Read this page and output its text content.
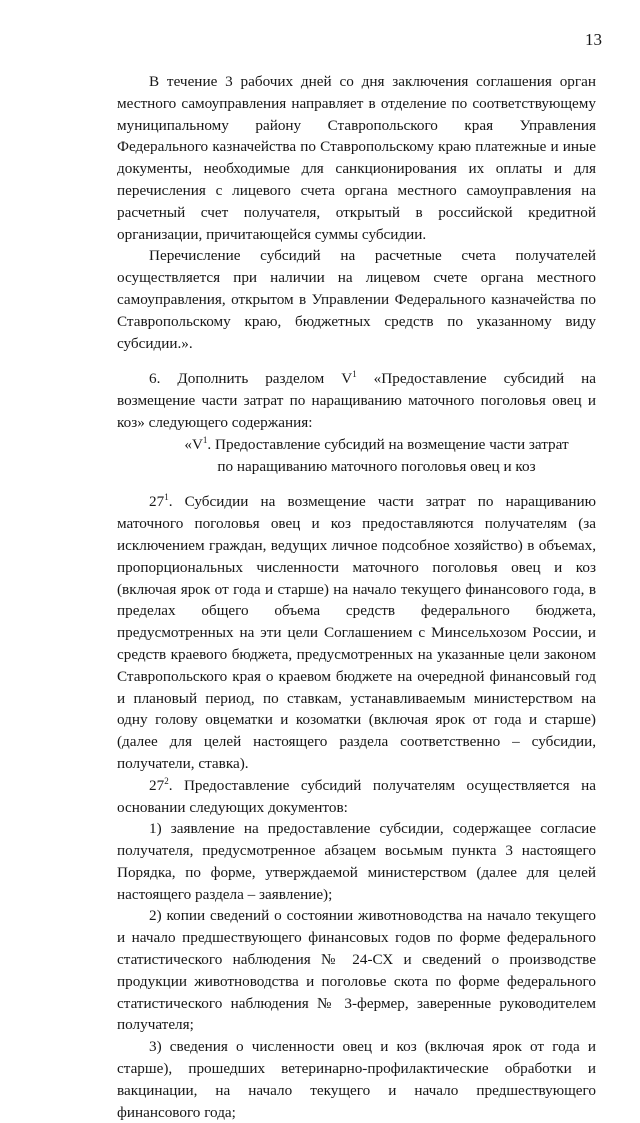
13

В течение 3 рабочих дней со дня заключения соглашения орган местного самоуправления направляет в отделение по соответствующему муниципальному району Ставропольского края Управления Федерального казначейства по Ставропольскому краю платежные и иные документы, необходимые для санкционирования их оплаты и для перечисления с лицевого счета органа местного самоуправления на расчетный счет получателя, открытый в российской кредитной организации, причитающейся суммы субсидии.

Перечисление субсидий на расчетные счета получателей осуществляется при наличии на лицевом счете органа местного самоуправления, открытом в Управлении Федерального казначейства по Ставропольскому краю, бюджетных средств по указанному виду субсидии.».

6. Дополнить разделом $V^1$ «Предоставление субсидий на возмещение части затрат по наращиванию маточного поголовья овец и коз» следующего содержания:

«$V^1$. Предоставление субсидий на возмещение части затрат

по наращиванию маточного поголовья овец и коз

$27^1$. Субсидии на возмещение части затрат по наращиванию маточного поголовья овец и коз предоставляются получателям (за исключением граждан, ведущих личное подсобное хозяйство) в объемах, пропорциональных численности маточного поголовья овец и коз (включая ярок от года и старше) на начало текущего финансового года, в пределах общего объема средств федерального бюджета, предусмотренных на эти цели Соглашением с Минсельхозом России, и средств краевого бюджета, предусмотренных на указанные цели законом Ставропольского края о краевом бюджете на очередной финансовый год и плановый период, по ставкам, устанавливаемым министерством на одну голову овцематки и козоматки (включая ярок от года и старше) (далее для целей настоящего раздела соответственно – субсидии, получатели, ставка).

$27^2$. Предоставление субсидий получателям осуществляется на основании следующих документов:

1) заявление на предоставление субсидии, содержащее согласие получателя, предусмотренное абзацем восьмым пункта 3 настоящего Порядка, по форме, утверждаемой министерством (далее для целей настоящего раздела – заявление);

2) копии сведений о состоянии животноводства на начало текущего и начало предшествующего финансовых годов по форме федерального статистического наблюдения № 24-СХ и сведений о производстве продукции животноводства и поголовье скота по форме федерального статистического наблюдения № 3-фермер, заверенные руководителем получателя;

3) сведения о численности овец и коз (включая ярок от года и старше), прошедших ветеринарно-профилактические обработки и вакцинации, на начало текущего и начало предшествующего финансового года;
